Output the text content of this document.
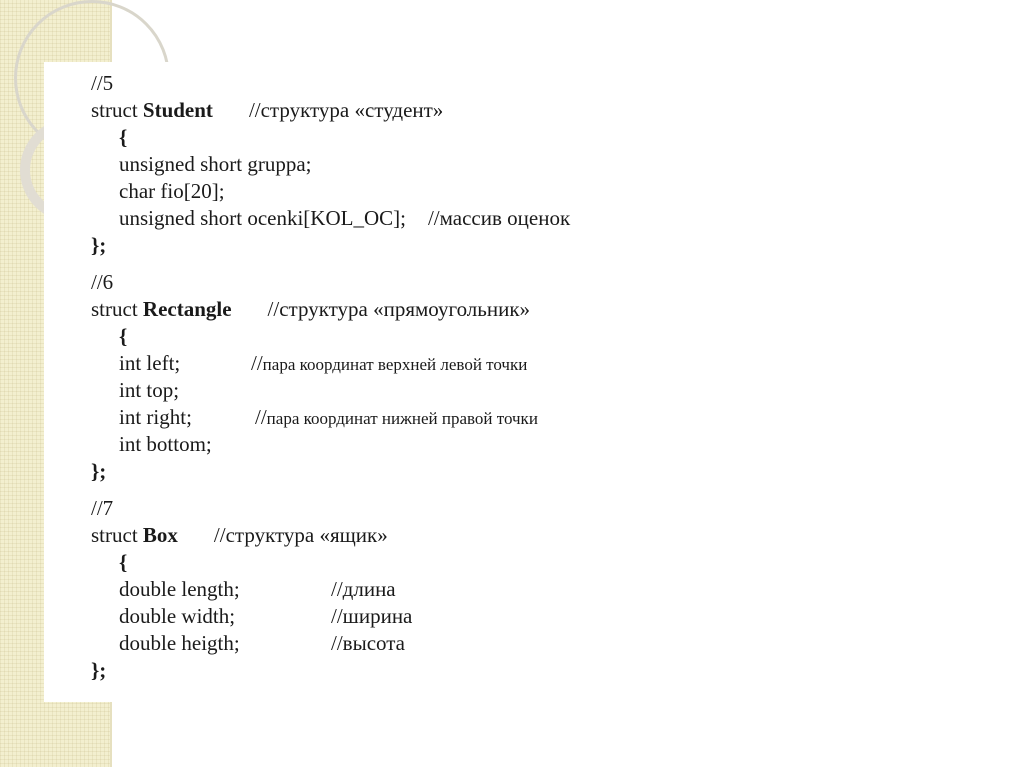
//5
struct Student //структура «студент»
{
unsigned short gruppa;
char fio[20];
unsigned short ocenki[KOL_OC]; //массив оценок
};
//6
struct Rectangle //структура «прямоугольник»
{
int left;	//пара координат верхней левой точки
int top;
int right;	//пара координат нижней правой точки
int bottom;
};
//7
struct Box //структура «ящик»
{
double length;	//длина
double width;	//ширина
double heigth;	//высота
};
